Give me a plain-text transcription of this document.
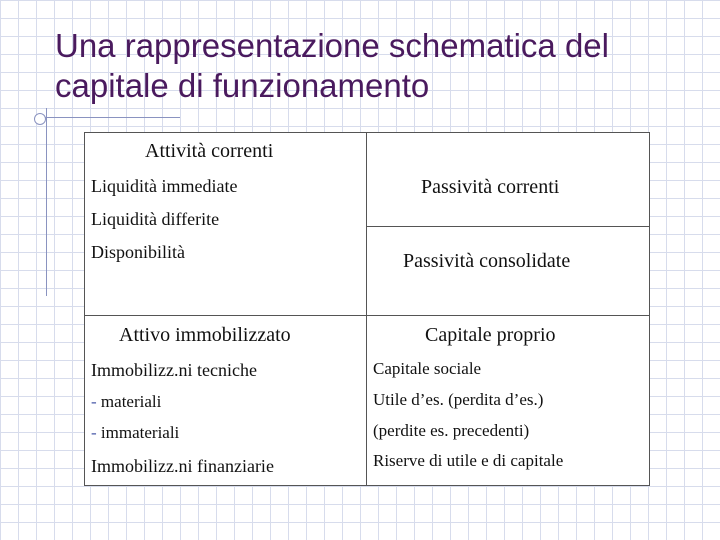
Una rappresentazione schematica del
capitale di funzionamento
Attività correnti
Liquidità immediate
Liquidità differite
Disponibilità
Attivo immobilizzato
Immobilizz.ni tecniche
- materiali
- immateriali
Immobilizz.ni finanziarie
Passività correnti
Passività consolidate
Capitale proprio
Capitale sociale
Utile d’es. (perdita d’es.)
(perdite es. precedenti)
Riserve di utile e di capitale
